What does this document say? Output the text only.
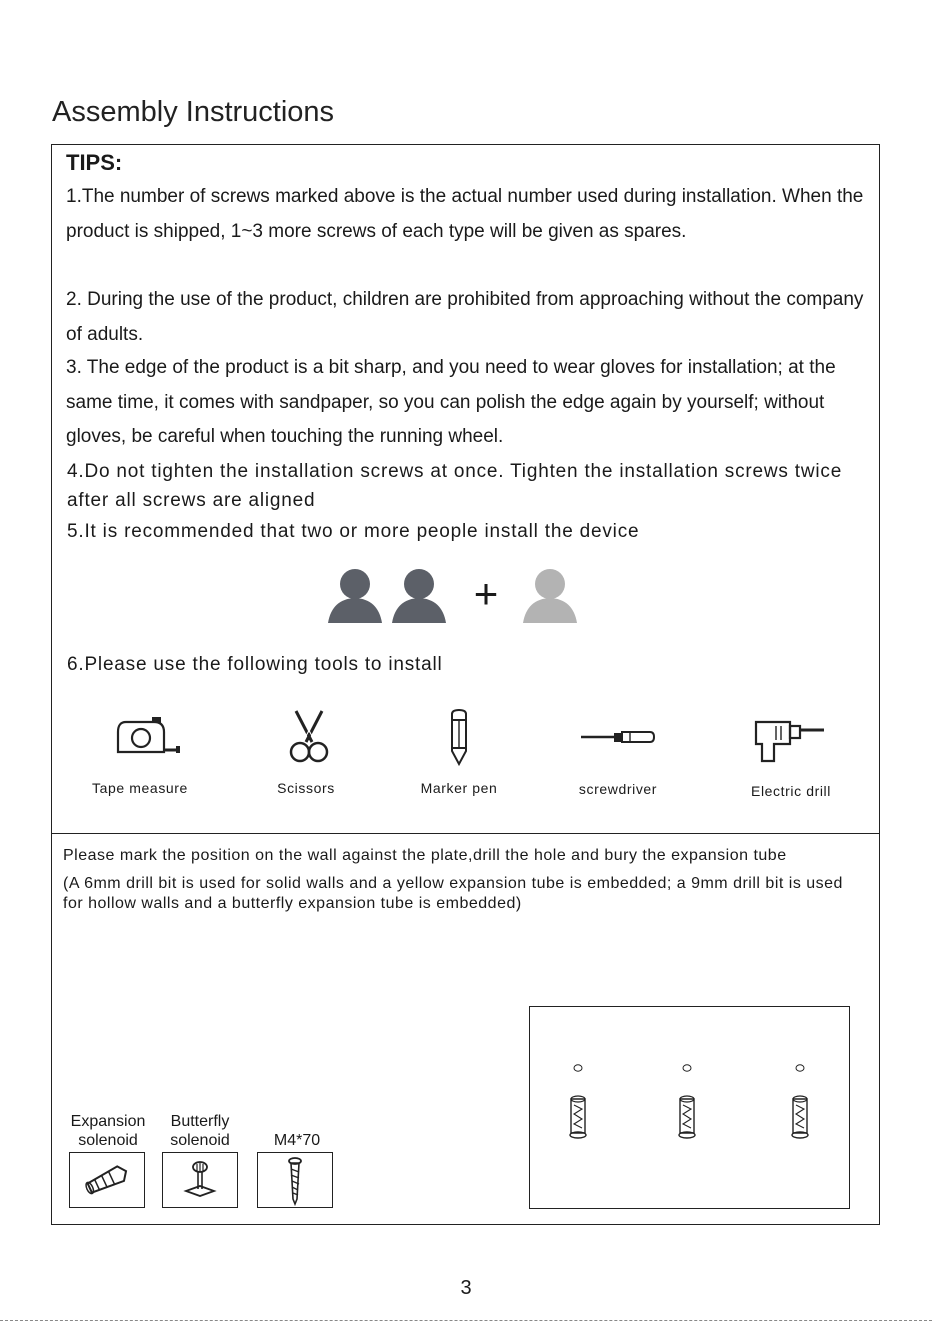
Assembly Instructions
TIPS:
1.The number of screws marked above is the actual number used during installation. When the product is shipped, 1~3 more screws of each type will be given as spares.
2. During the use of the product, children are prohibited from approaching without the company of adults.
3. The edge of the product is a bit sharp, and you need to wear gloves for installation; at the same time, it comes with sandpaper, so you can polish the edge again by yourself; without gloves, be careful when touching the running wheel.
4.Do not tighten the installation screws at once. Tighten the installation screws twice after all screws are aligned
5.It is recommended that two or more people install the device
+
6.Please use the following tools to install
Tape measure	Scissors	Marker pen	screwdriver	Electric drill
Please mark the position on the wall against the plate,drill the hole and bury the expansion tube
(A 6mm drill bit is used for solid walls and a yellow expansion tube is embedded; a 9mm drill bit is used for hollow walls and a butterfly expansion tube is embedded)
Expansion solenoid
Butterfly solenoid	M4*70
3
